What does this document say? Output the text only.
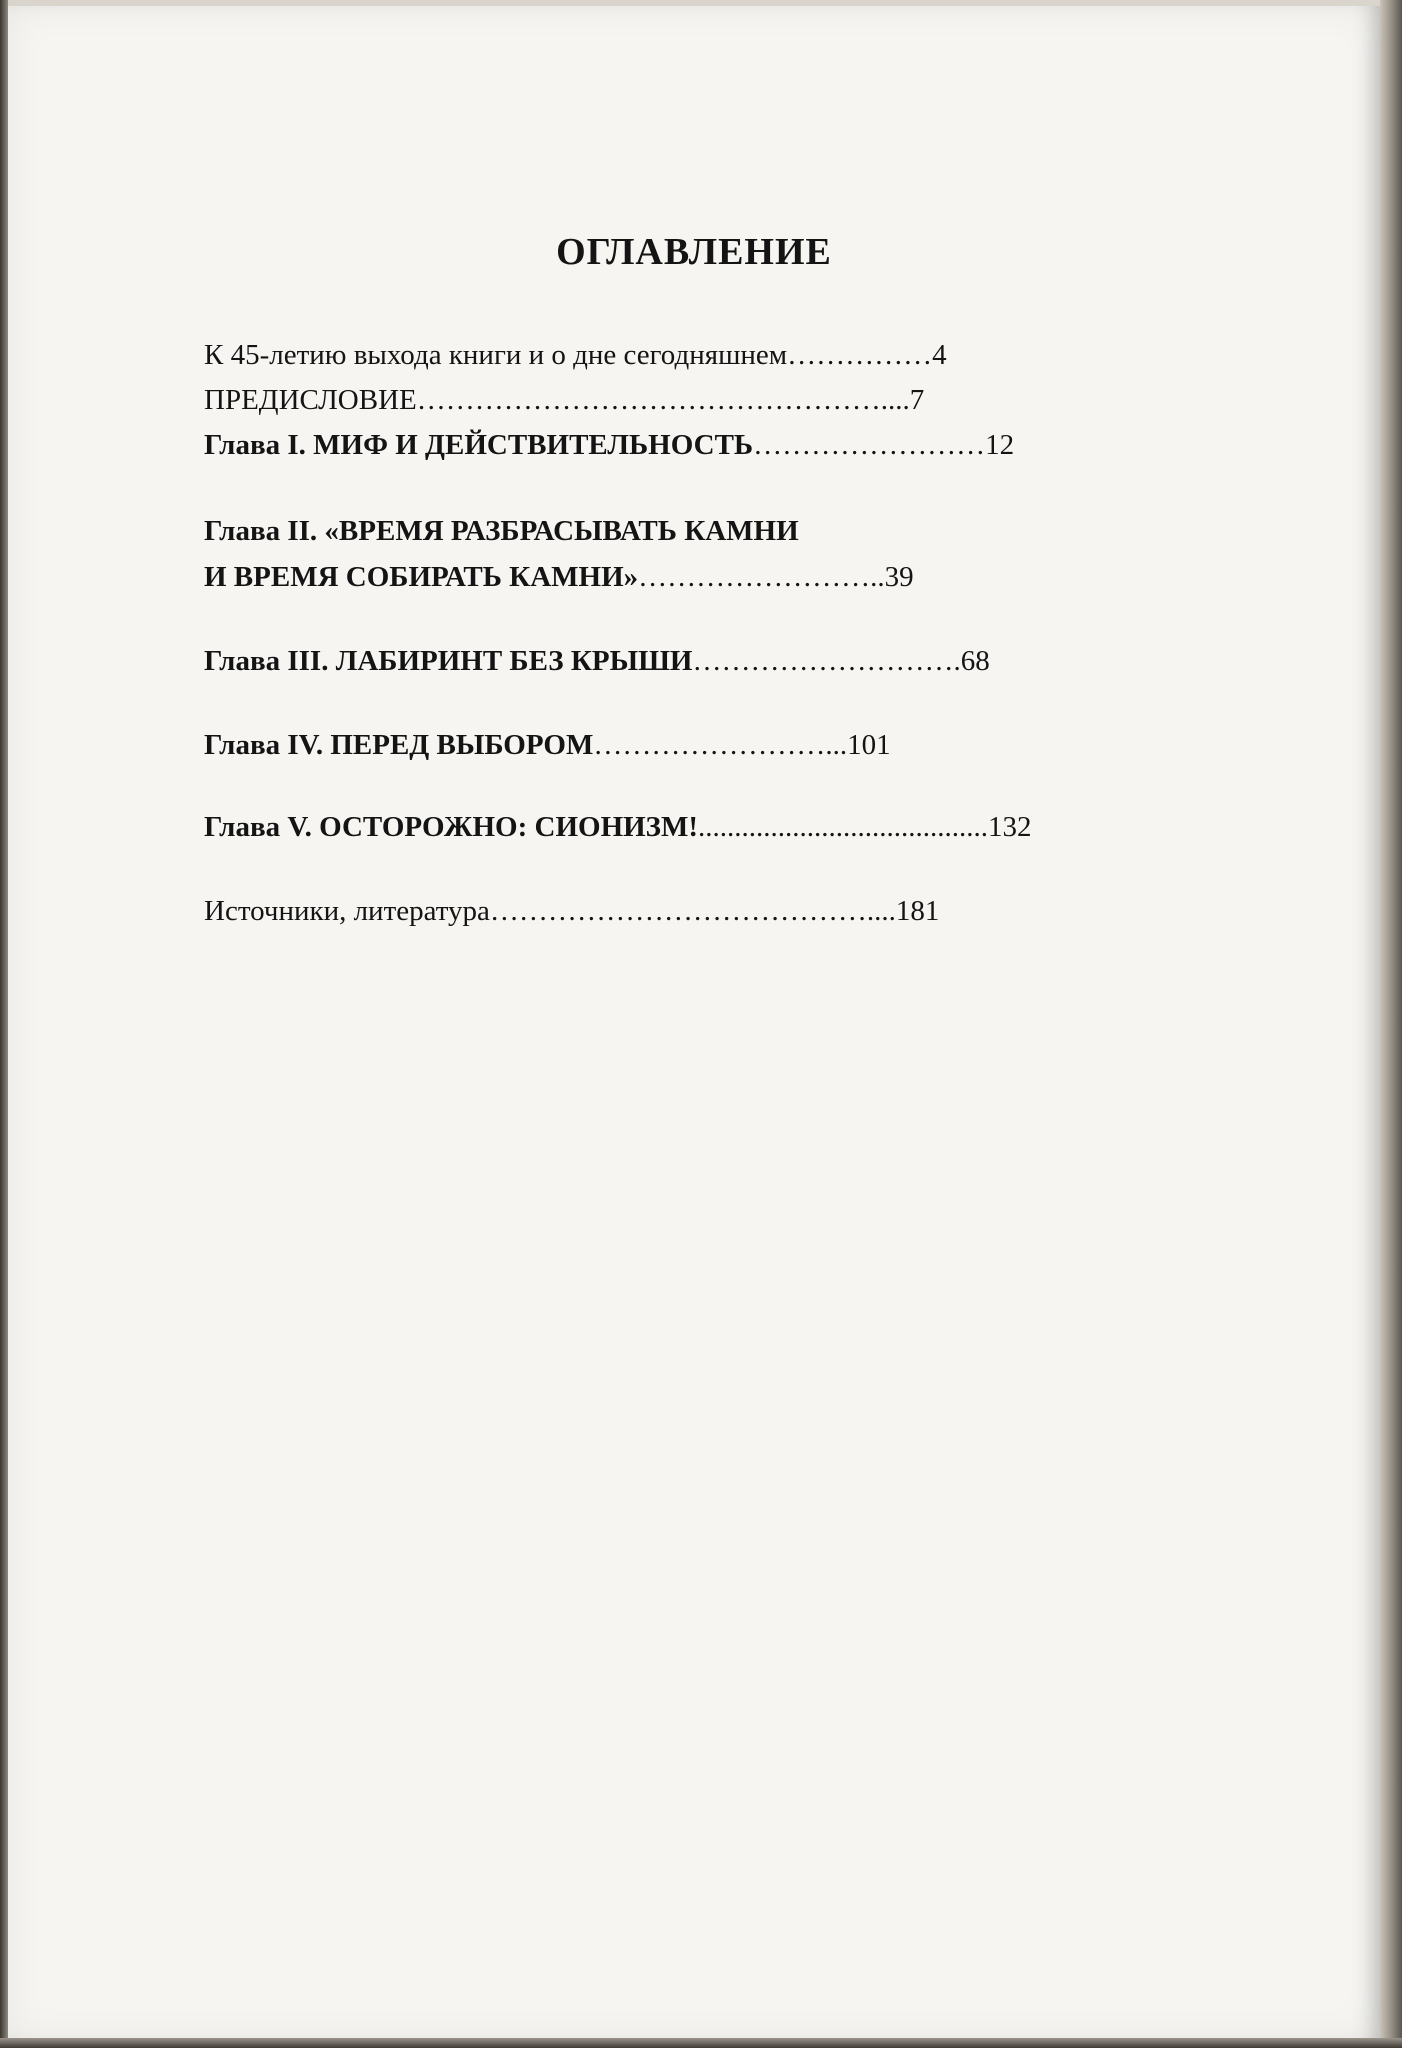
ОГЛАВЛЕНИЕ
К 45-летию выхода книги и о дне сегодняшнем……………4
ПРЕДИСЛОВИЕ…………………………………………....7
Глава I. МИФ И ДЕЙСТВИТЕЛЬНОСТЬ……………………12
Глава II. «ВРЕМЯ РАЗБРАСЫВАТЬ КАМНИ
И ВРЕМЯ СОБИРАТЬ КАМНИ»……………………..39
Глава III. ЛАБИРИНТ БЕЗ КРЫШИ……………………….68
Глава IV. ПЕРЕД ВЫБОРОМ……………………...101
Глава V. ОСТОРОЖНО: СИОНИЗМ!........................................132
Источники, литература…………………………………....181
